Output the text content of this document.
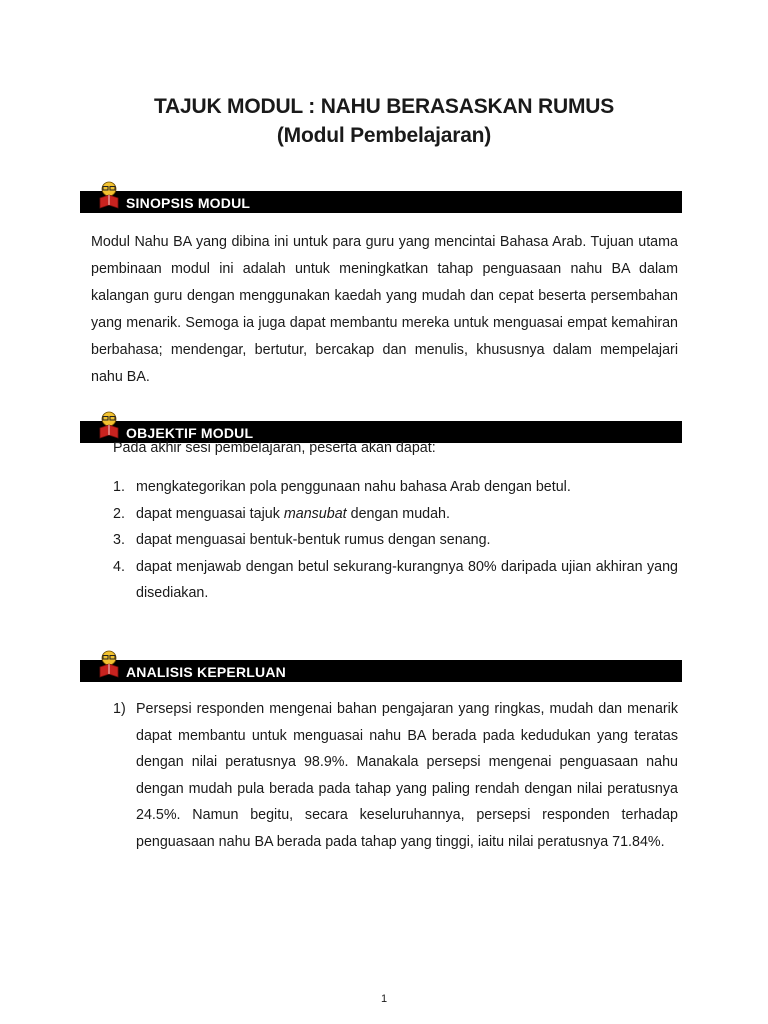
TAJUK MODUL : NAHU BERASASKAN RUMUS
(Modul Pembelajaran)
SINOPSIS MODUL
Modul Nahu BA yang dibina ini untuk para guru yang mencintai Bahasa Arab. Tujuan utama pembinaan modul ini adalah untuk meningkatkan tahap penguasaan nahu BA dalam kalangan guru dengan menggunakan kaedah yang mudah dan cepat beserta persembahan yang menarik. Semoga ia juga dapat membantu mereka untuk menguasai empat kemahiran berbahasa; mendengar, bertutur, bercakap dan menulis, khususnya dalam mempelajari nahu BA.
OBJEKTIF MODUL
Pada akhir sesi pembelajaran, peserta akan dapat:
1. mengkategorikan pola penggunaan nahu bahasa Arab dengan betul.
2. dapat menguasai tajuk mansubat dengan mudah.
3. dapat menguasai bentuk-bentuk rumus dengan senang.
4. dapat menjawab dengan betul sekurang-kurangnya 80% daripada ujian akhiran yang disediakan.
ANALISIS KEPERLUAN
1) Persepsi responden mengenai bahan pengajaran yang ringkas, mudah dan menarik dapat membantu untuk menguasai nahu BA berada pada kedudukan yang teratas dengan nilai peratusnya 98.9%. Manakala persepsi mengenai penguasaan nahu dengan mudah pula berada pada tahap yang paling rendah dengan nilai peratusnya 24.5%. Namun begitu, secara keseluruhannya, persepsi responden terhadap penguasaan nahu BA berada pada tahap yang tinggi, iaitu nilai peratusnya 71.84%.
1
